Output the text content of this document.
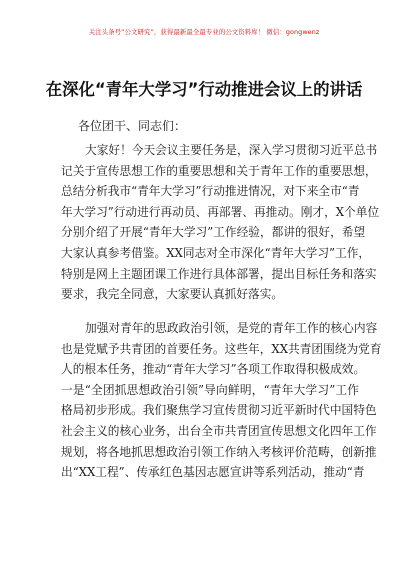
关注头条号“公文研究”，获得最新最全最专业的公文资料库！ 微信：gongwenz
在深化“青年大学习”行动推进会议上的讲话
各位团干、同志们：
大家好！今天会议主要任务是，深入学习贯彻习近平总书
记关于宣传思想工作的重要思想和关于青年工作的重要思想，
总结分析我市“青年大学习”行动推进情况，对下来全市“青
年大学习”行动进行再动员、再部署、再推动。刚才，X个单位
分别介绍了开展“青年大学习”工作经验，都讲的很好，希望
大家认真参考借鉴。XX同志对全市深化“青年大学习”工作，
特别是网上主题团课工作进行具体部署，提出目标任务和落实
要求，我完全同意，大家要认真抓好落实。
加强对青年的思政政治引领，是党的青年工作的核心内容
也是党赋予共青团的首要任务。这些年，XX共青团围绕为党育
人的根本任务，推动“青年大学习”各项工作取得积极成效。
一是“全团抓思想政治引领”导向鲜明，“青年大学习”工作
格局初步形成。我们聚焦学习宣传贯彻习近平新时代中国特色
社会主义的核心业务，出台全市共青团宣传思想文化四年工作
规划，将各地抓思想政治引领工作纳入考核评价范畴，创新推
出“XX工程”、传承红色基因志愿宣讲等系列活动，推动“青
